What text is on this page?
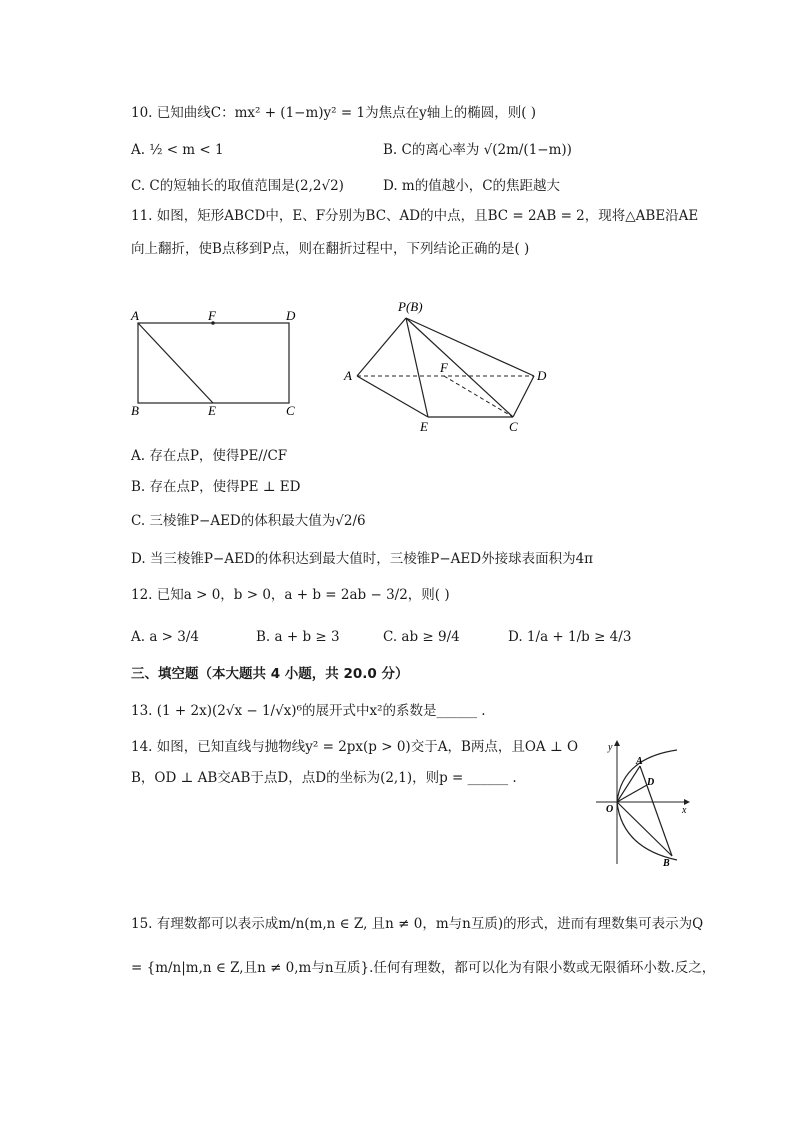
10. 已知曲线C：mx² + (1−m)y² = 1为焦点在y轴上的椭圆，则( )
A. ½ < m < 1	B. C的离心率为 √(2m/(1−m))
C. C的短轴长的取值范围是(2,2√2)	D. m的值越小，C的焦距越大
11. 如图，矩形ABCD中，E、F分别为BC、AD的中点，且BC = 2AB = 2，现将△ABE沿AE
向上翻折，使B点移到P点，则在翻折过程中，下列结论正确的是( )
A	F	D
B	E	C
P(B)
A
F
D
E	C
A. 存在点P，使得PE//CF
B. 存在点P，使得PE ⊥ ED
C. 三棱锥P−AED的体积最大值为√2/6
D. 当三棱锥P−AED的体积达到最大值时，三棱锥P−AED外接球表面积为4π
12. 已知a > 0，b > 0，a + b = 2ab − 3/2，则( )
A. a > 3/4	B. a + b ≥ 3	C. ab ≥ 9/4	D. 1/a + 1/b ≥ 4/3
三、填空题（本大题共 4 小题，共 20.0 分）
13. (1 + 2x)(2√x − 1/√x)⁶的展开式中x²的系数是______ .
14. 如图，已知直线与抛物线y² = 2px(p > 0)交于A，B两点，且OA ⊥ O
B，OD ⊥ AB交AB于点D，点D的坐标为(2,1)，则p = ______ .
y
x
O
A
D
B
15. 有理数都可以表示成m/n(m,n ∈ Z, 且n ≠ 0，m与n互质)的形式，进而有理数集可表示为Q
= {m/n|m,n ∈ Z,且n ≠ 0,m与n互质}.任何有理数，都可以化为有限小数或无限循环小数.反之，
